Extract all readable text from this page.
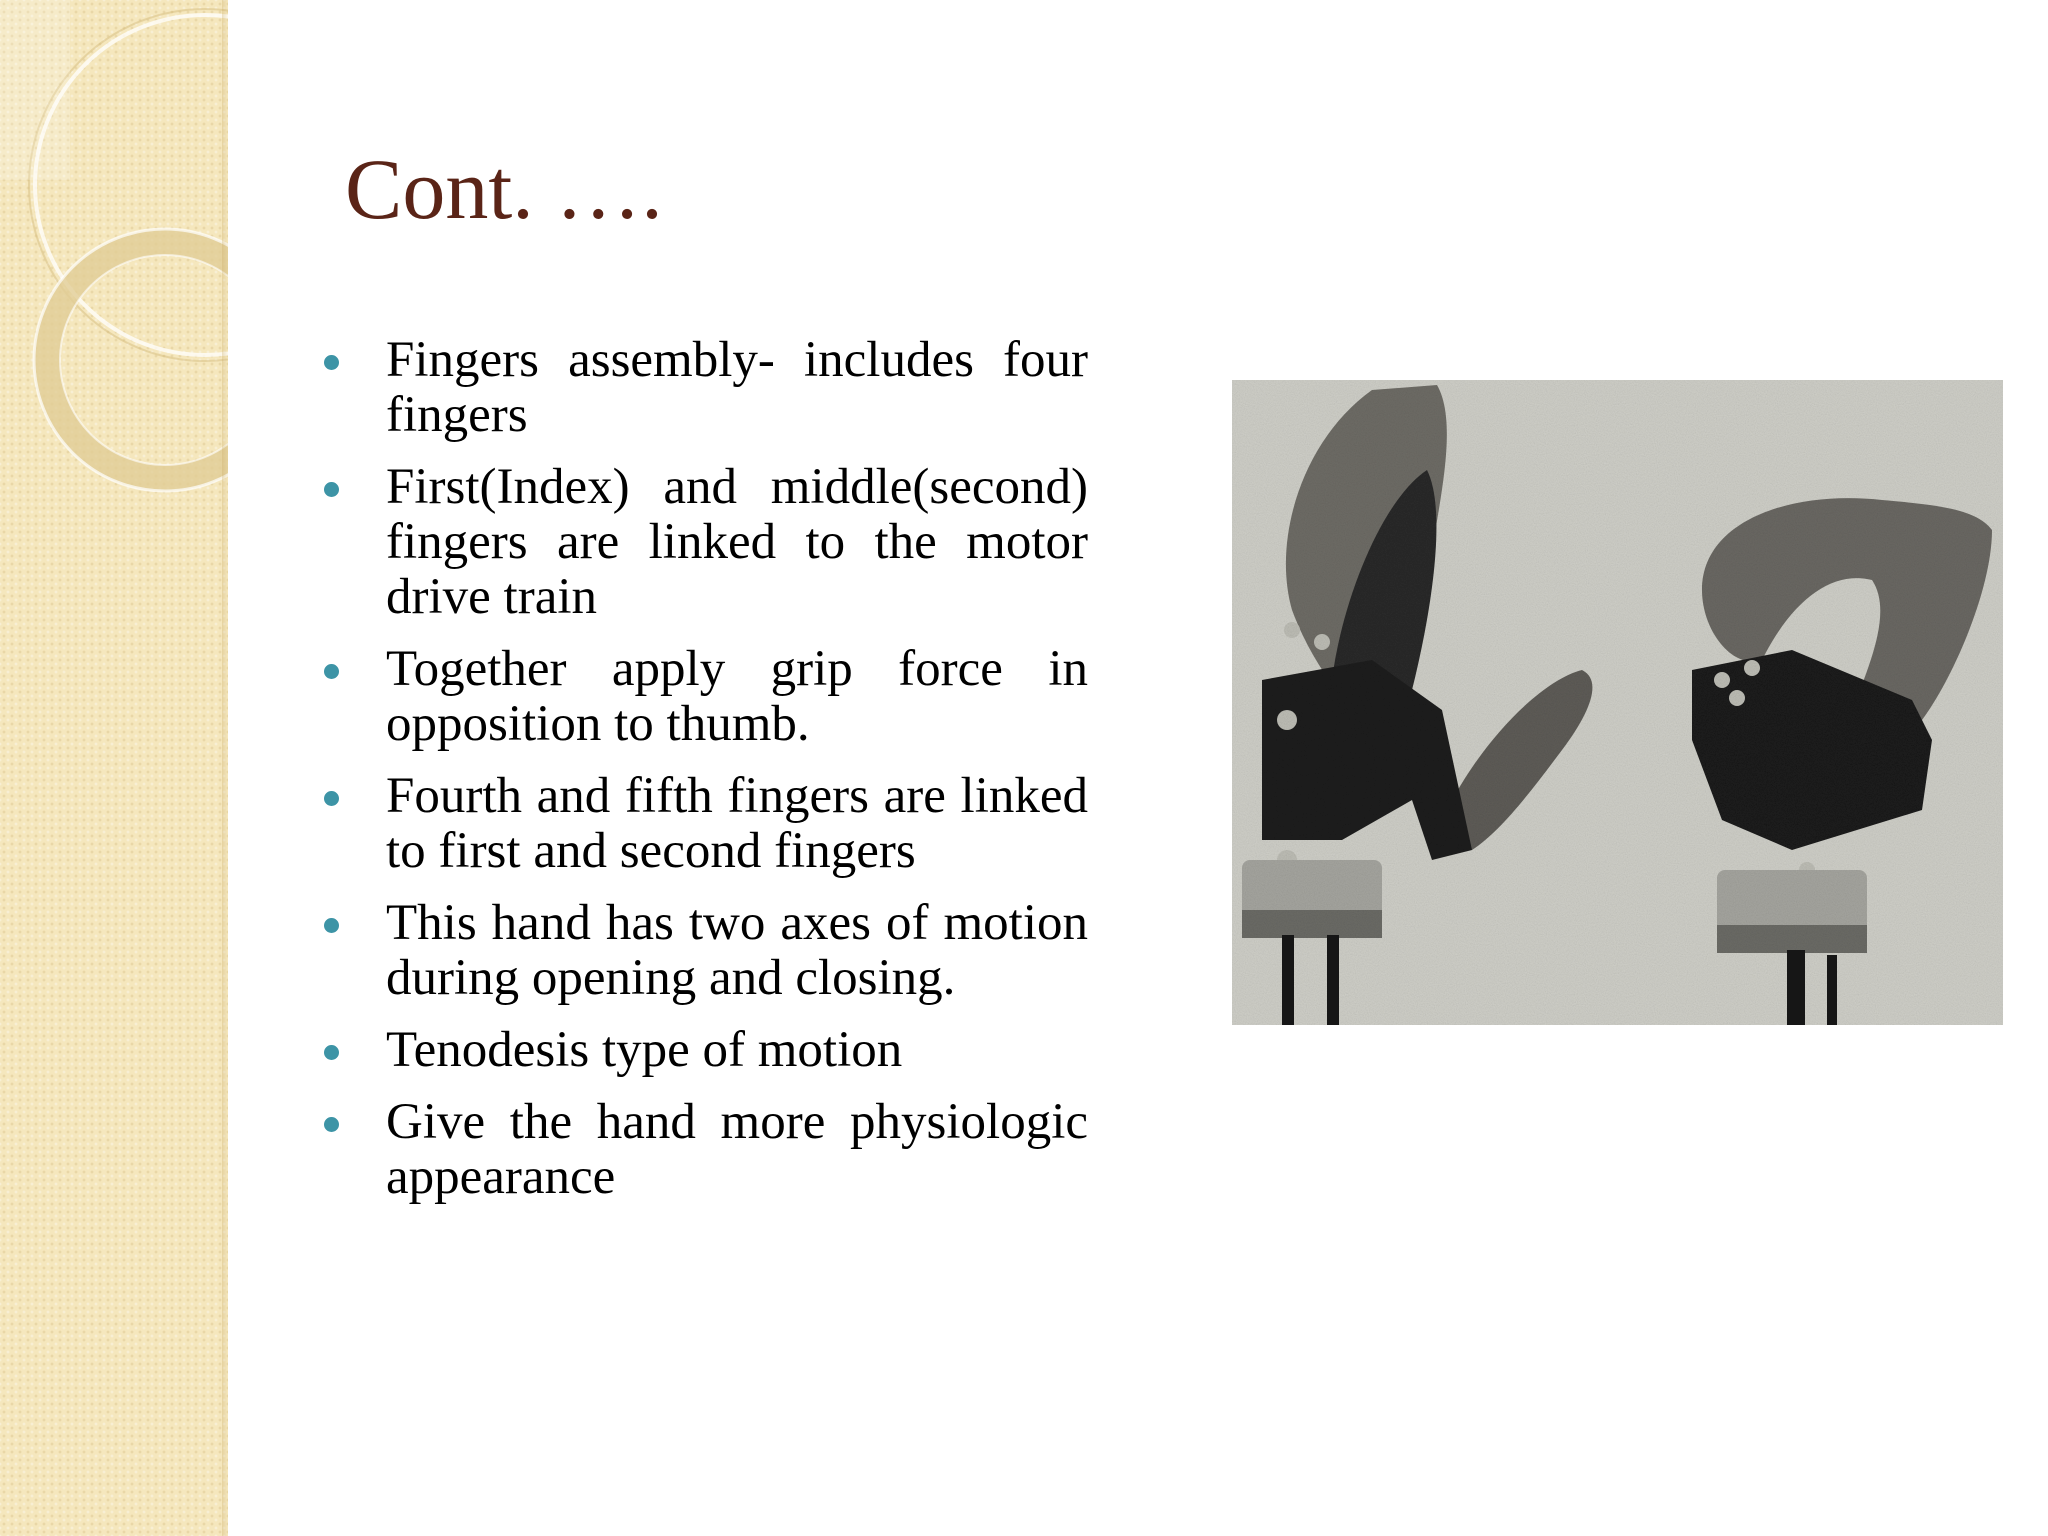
Cont. ….
Fingers assembly- includes four fingers
First(Index) and middle(second) fingers are linked to the motor drive train
Together apply grip force in opposition to thumb.
Fourth and fifth fingers are linked to first and second fingers
This hand has two axes of motion during opening and closing.
Tenodesis type of motion
Give the hand more physiologic appearance
